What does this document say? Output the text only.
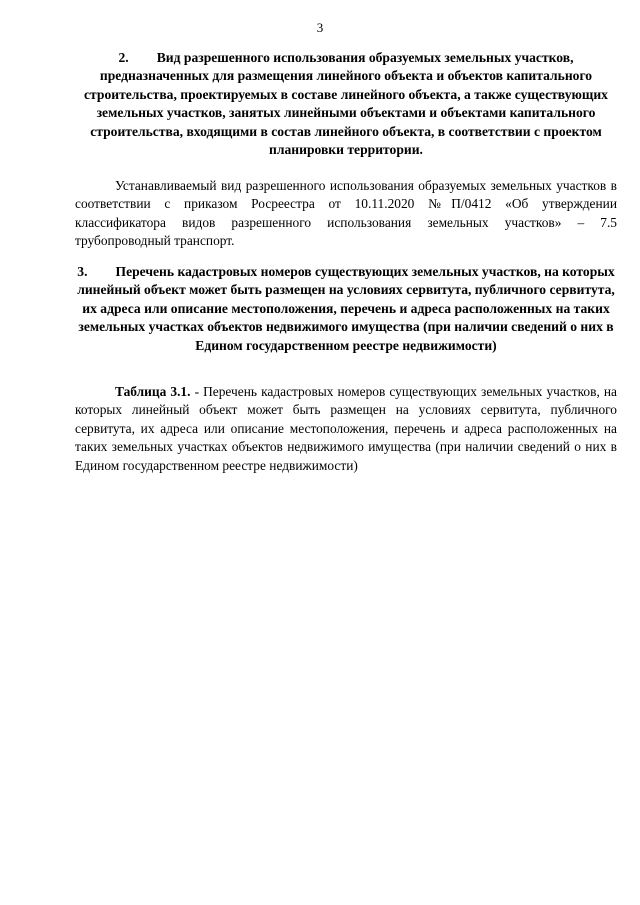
3
2. Вид разрешенного использования образуемых земельных участков, предназначенных для размещения линейного объекта и объектов капитального строительства, проектируемых в составе линейного объекта, а также существующих земельных участков, занятых линейными объектами и объектами капитального строительства, входящими в состав линейного объекта, в соответствии с проектом планировки территории.
Устанавливаемый вид разрешенного использования образуемых земельных участков в соответствии с приказом Росреестра от 10.11.2020 №П/0412 «Об утверждении классификатора видов разрешенного использования земельных участков» – 7.5 трубопроводный транспорт.
3. Перечень кадастровых номеров существующих земельных участков, на которых линейный объект может быть размещен на условиях сервитута, публичного сервитута, их адреса или описание местоположения, перечень и адреса расположенных на таких земельных участках объектов недвижимого имущества (при наличии сведений о них в Едином государственном реестре недвижимости)
Таблица 3.1. - Перечень кадастровых номеров существующих земельных участков, на которых линейный объект может быть размещен на условиях сервитута, публичного сервитута, их адреса или описание местоположения, перечень и адреса расположенных на таких земельных участках объектов недвижимого имущества (при наличии сведений о них в Едином государственном реестре недвижимости)
